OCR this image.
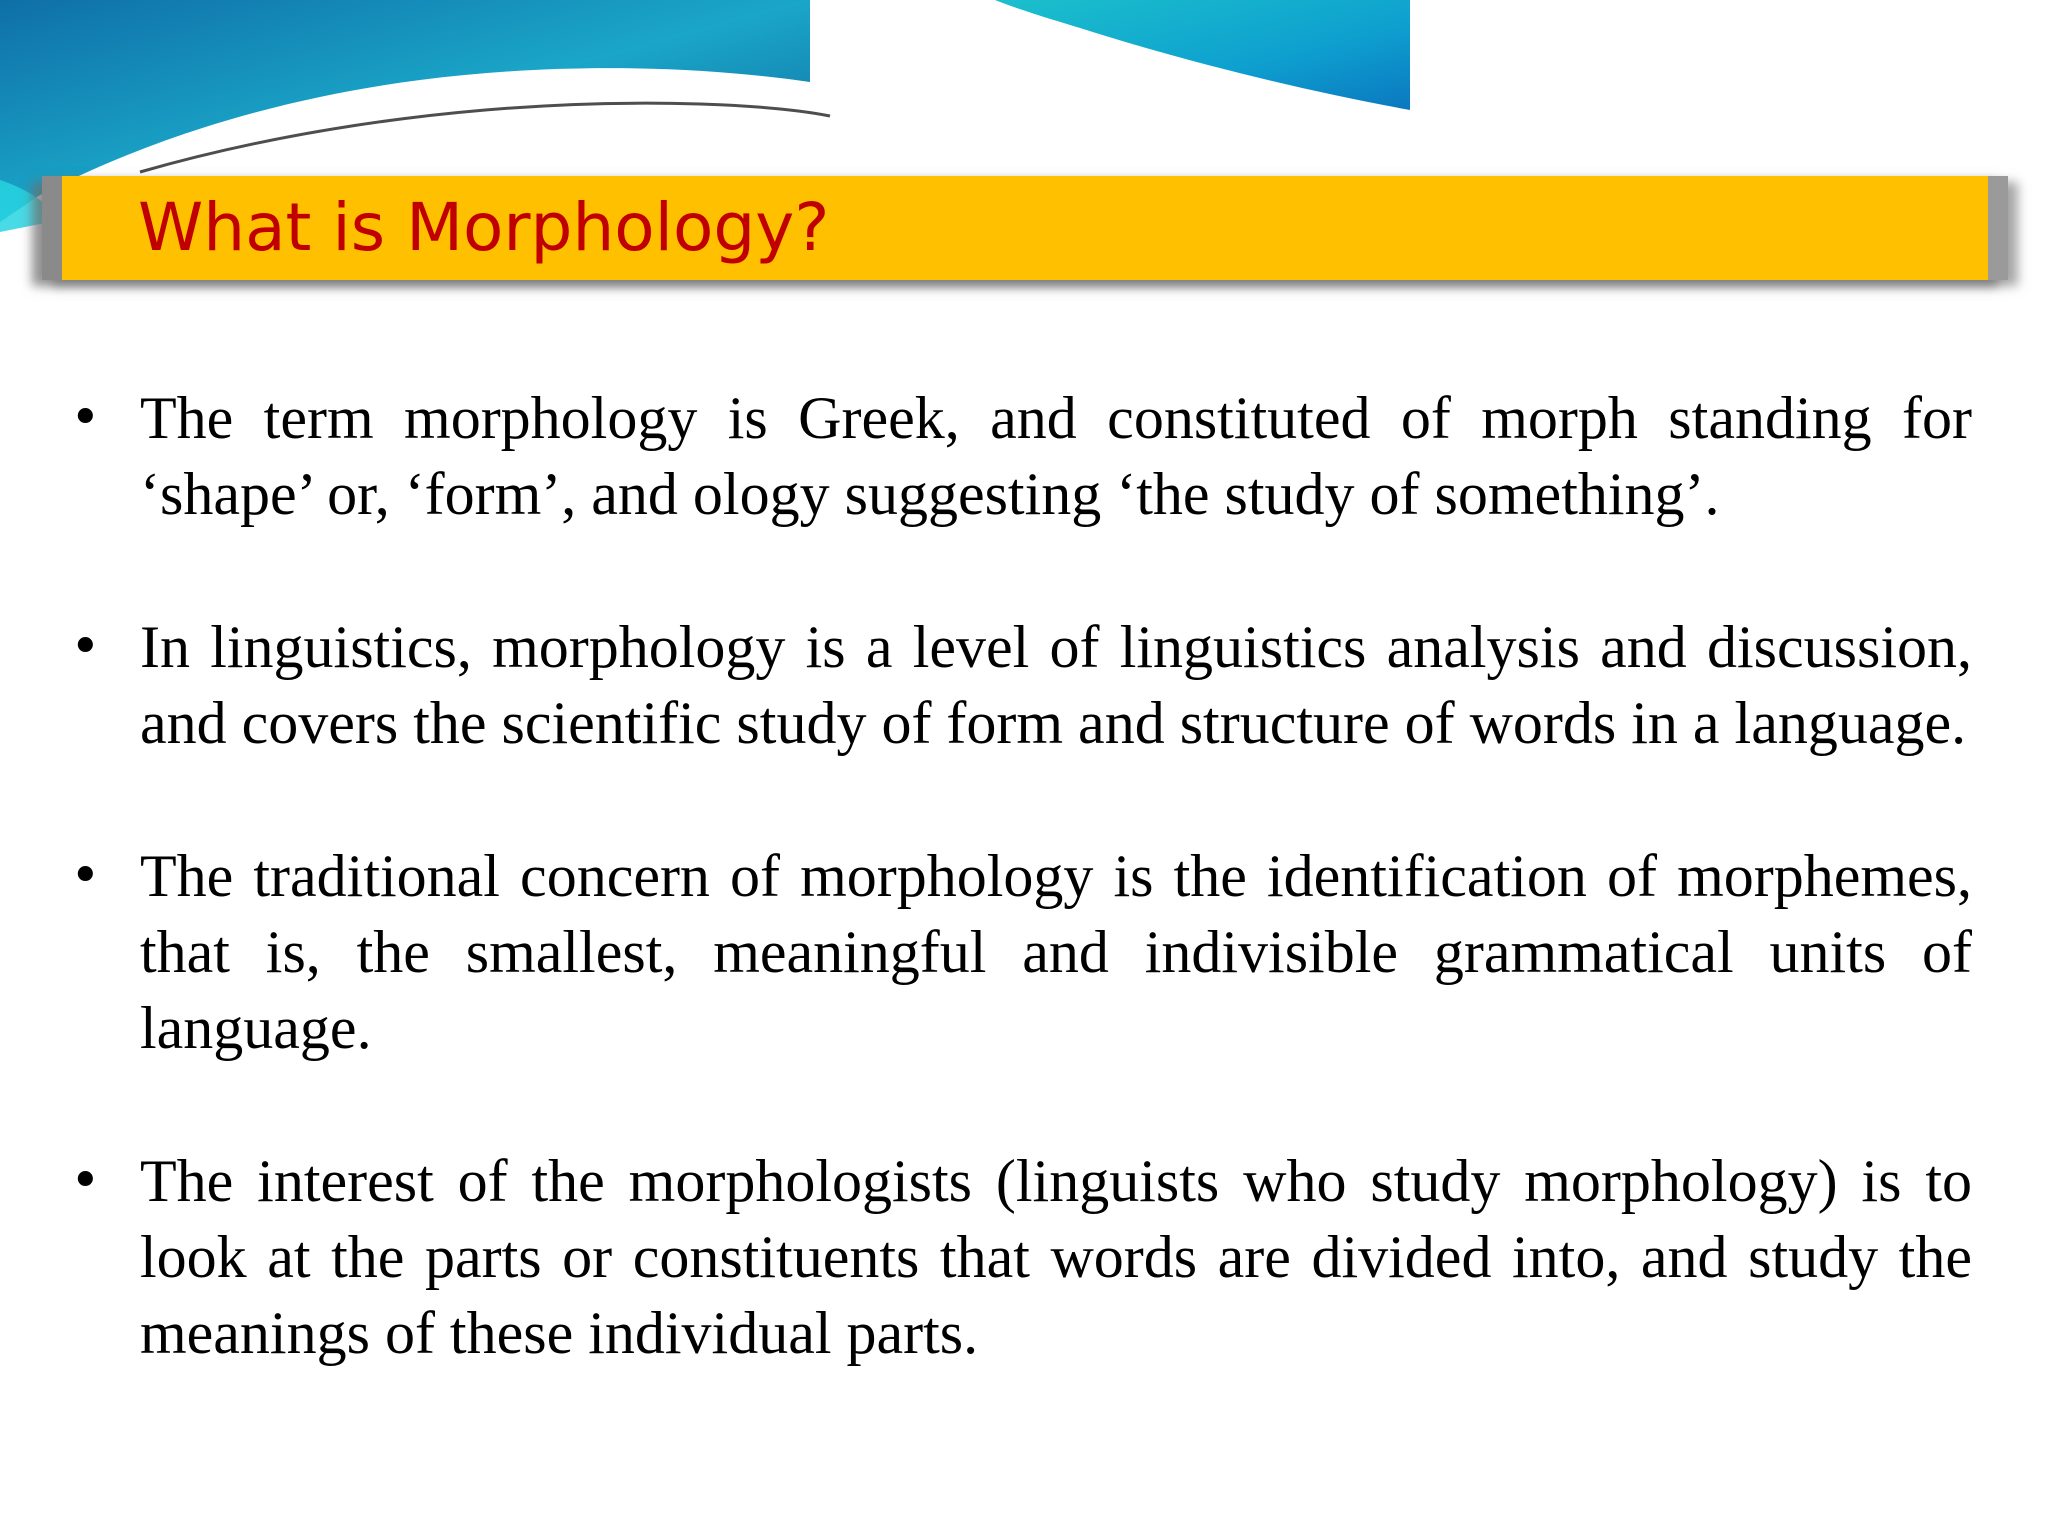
What is Morphology?
• The term morphology is Greek, and constituted of morph standing for ‘shape’ or, ‘form’, and ology suggesting ‘the study of something’.
• In linguistics, morphology is a level of linguistics analysis and discussion, and covers the scientific study of form and structure of words in a language.
• The traditional concern of morphology is the identification of morphemes, that is, the smallest, meaningful and indivisible grammatical units of language.
• The interest of the morphologists (linguists who study morphology) is to look at the parts or constituents that words are divided into, and study the meanings of these individual parts.
